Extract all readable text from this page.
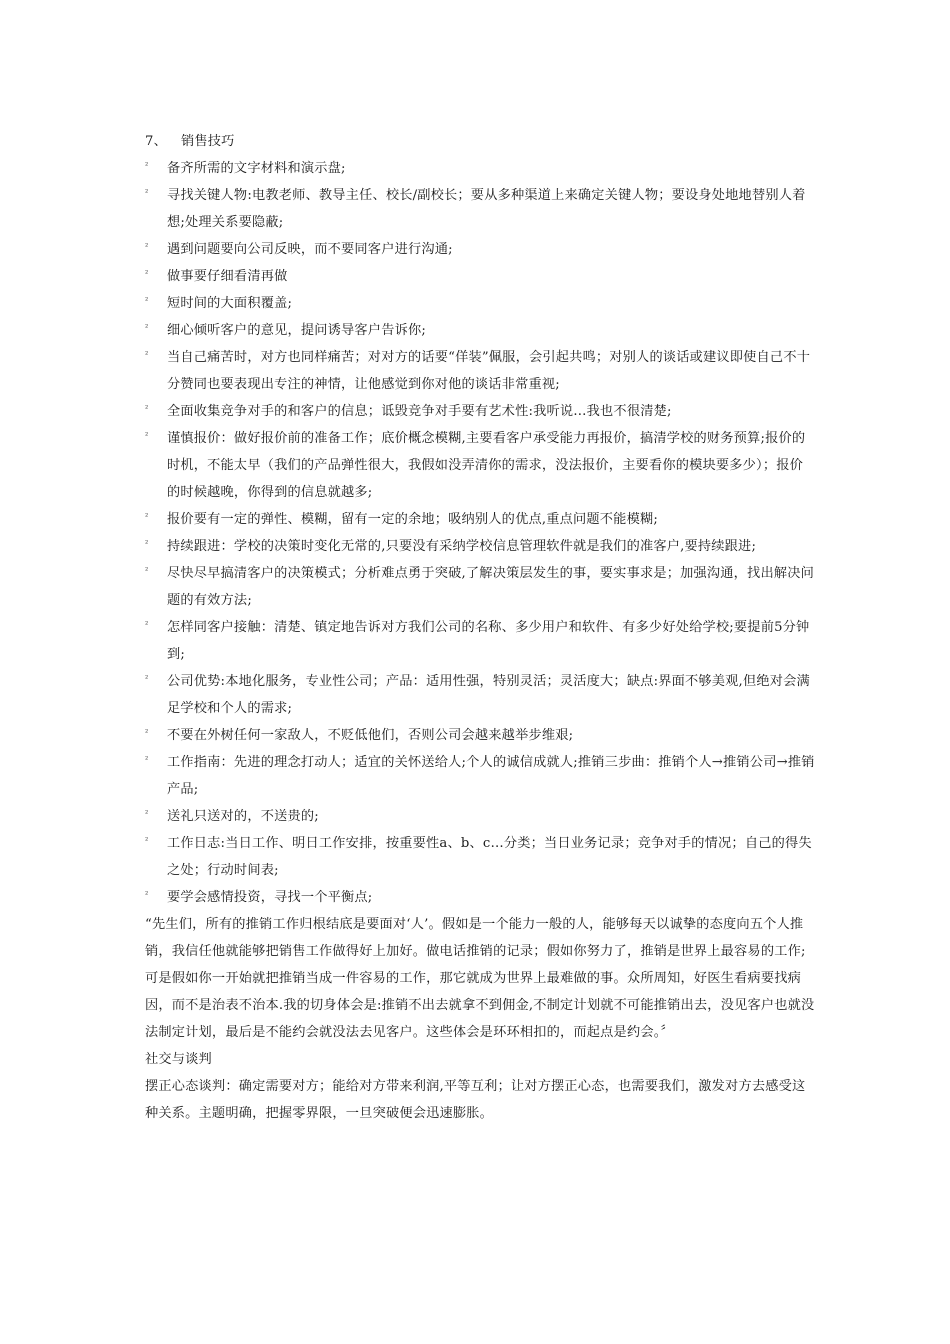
7、 销售技巧

²	备齐所需的文字材料和演示盘;
²	寻找关键人物:电教老师、教导主任、校长/副校长；要从多种渠道上来确定关键人物；要设身处地地替别人着想;处理关系要隐蔽;
²	遇到问题要向公司反映，而不要同客户进行沟通;
²	做事要仔细看清再做
²	短时间的大面积覆盖;
²	细心倾听客户的意见，提问诱导客户告诉你;
²	当自己痛苦时，对方也同样痛苦；对对方的话要“佯装”佩服，会引起共鸣；对别人的谈话或建议即使自己不十分赞同也要表现出专注的神情，让他感觉到你对他的谈话非常重视;
²	全面收集竞争对手的和客户的信息；诋毁竞争对手要有艺术性:我听说…我也不很清楚;
²	谨慎报价：做好报价前的准备工作；底价概念模糊,主要看客户承受能力再报价，搞清学校的财务预算;报价的时机，不能太早（我们的产品弹性很大，我假如没弄清你的需求，没法报价，主要看你的模块要多少）；报价的时候越晚，你得到的信息就越多;
²	报价要有一定的弹性、模糊，留有一定的余地；吸纳别人的优点,重点问题不能模糊;
²	持续跟进：学校的决策时变化无常的,只要没有采纳学校信息管理软件就是我们的准客户,要持续跟进;
²	尽快尽早搞清客户的决策模式；分析难点勇于突破,了解决策层发生的事，要实事求是；加强沟通，找出解决问题的有效方法;
²	怎样同客户接触：清楚、镇定地告诉对方我们公司的名称、多少用户和软件、有多少好处给学校;要提前5分钟到;
²	公司优势:本地化服务，专业性公司；产品：适用性强，特别灵活；灵活度大；缺点:界面不够美观,但绝对会满足学校和个人的需求;
²	不要在外树任何一家敌人，不贬低他们，否则公司会越来越举步维艰;
²	工作指南：先进的理念打动人；适宜的关怀送给人;个人的诚信成就人;推销三步曲：推销个人→推销公司→推销产品;
²	送礼只送对的，不送贵的;
²	工作日志:当日工作、明日工作安排，按重要性a、b、c…分类；当日业务记录；竞争对手的情况；自己的得失之处；行动时间表;
²	要学会感情投资，寻找一个平衡点;

“先生们，所有的推销工作归根结底是要面对‘人’。假如是一个能力一般的人，能够每天以诚挚的态度向五个人推销，我信任他就能够把销售工作做得好上加好。做电话推销的记录；假如你努力了，推销是世界上最容易的工作;可是假如你一开始就把推销当成一件容易的工作，那它就成为世界上最难做的事。众所周知，好医生看病要找病因，而不是治表不治本.我的切身体会是:推销不出去就拿不到佣金,不制定计划就不可能推销出去，没见客户也就没法制定计划，最后是不能约会就没法去见客户。这些体会是环环相扣的，而起点是约会。〞

社交与谈判

摆正心态谈判：确定需要对方；能给对方带来利润,平等互利；让对方摆正心态，也需要我们，激发对方去感受这种关系。主题明确，把握零界限，一旦突破便会迅速膨胀。
